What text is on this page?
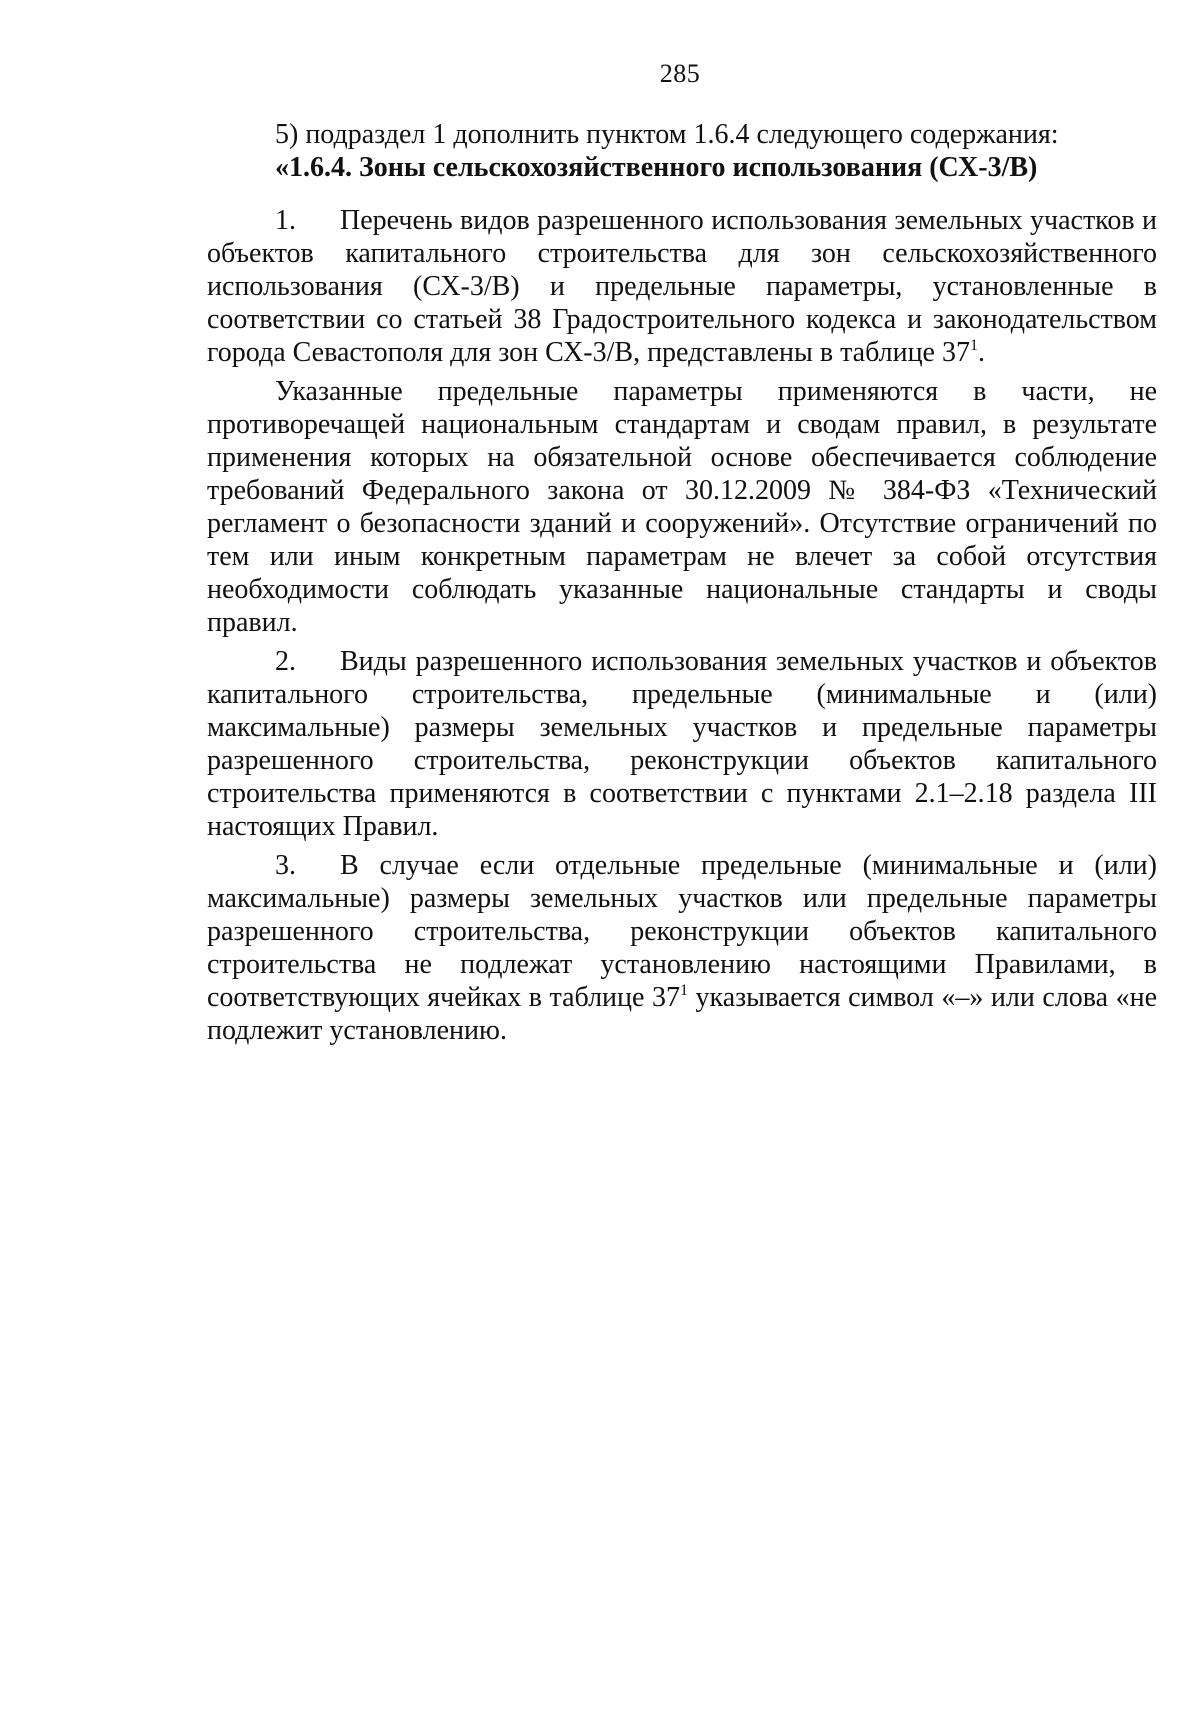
285

5) подраздел 1 дополнить пунктом 1.6.4 следующего содержания:

«1.6.4. Зоны сельскохозяйственного использования (СХ-3/В)

1. Перечень видов разрешенного использования земельных участков и объектов капитального строительства для зон сельскохозяйственного использования (СХ-3/В) и предельные параметры, установленные в соответствии со статьей 38 Градостроительного кодекса и законодательством города Севастополя для зон СХ-3/В, представлены в таблице $37^1$.

Указанные предельные параметры применяются в части, не противоречащей национальным стандартам и сводам правил, в результате применения которых на обязательной основе обеспечивается соблюдение требований Федерального закона от 30.12.2009 № 384-ФЗ «Технический регламент о безопасности зданий и сооружений». Отсутствие ограничений по тем или иным конкретным параметрам не влечет за собой отсутствия необходимости соблюдать указанные национальные стандарты и своды правил.

2. Виды разрешенного использования земельных участков и объектов капитального строительства, предельные (минимальные и (или) максимальные) размеры земельных участков и предельные параметры разрешенного строительства, реконструкции объектов капитального строительства применяются в соответствии с пунктами 2.1–2.18 раздела III настоящих Правил.

3. В случае если отдельные предельные (минимальные и (или) максимальные) размеры земельных участков или предельные параметры разрешенного строительства, реконструкции объектов капитального строительства не подлежат установлению настоящими Правилами, в соответствующих ячейках в таблице $37^1$ указывается символ «–» или слова «не подлежит установлению.
